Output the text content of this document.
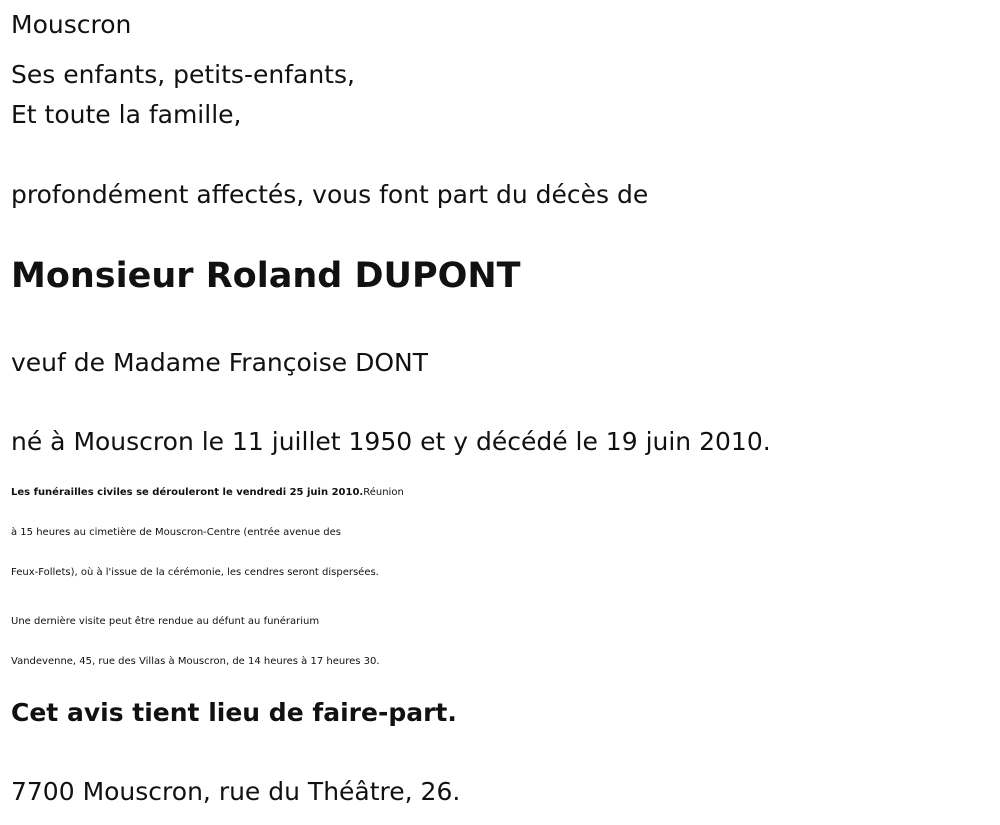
Mouscron
Ses enfants, petits-enfants,
Et toute la famille,
profondément affectés, vous font part du décès de
Monsieur Roland DUPONT
veuf de Madame Françoise DONT
né à Mouscron le 11 juillet 1950 et y décédé le 19 juin 2010.
Les funérailles civiles se dérouleront le vendredi 25 juin 2010.Réunion
à 15 heures au cimetière de Mouscron-Centre (entrée avenue des
Feux-Follets), où à l'issue de la cérémonie, les cendres seront dispersées.
Une dernière visite peut être rendue au défunt au funérarium
Vandevenne, 45, rue des Villas à Mouscron, de 14 heures à 17 heures 30.
Cet avis tient lieu de faire-part.
7700 Mouscron, rue du Théâtre, 26.
